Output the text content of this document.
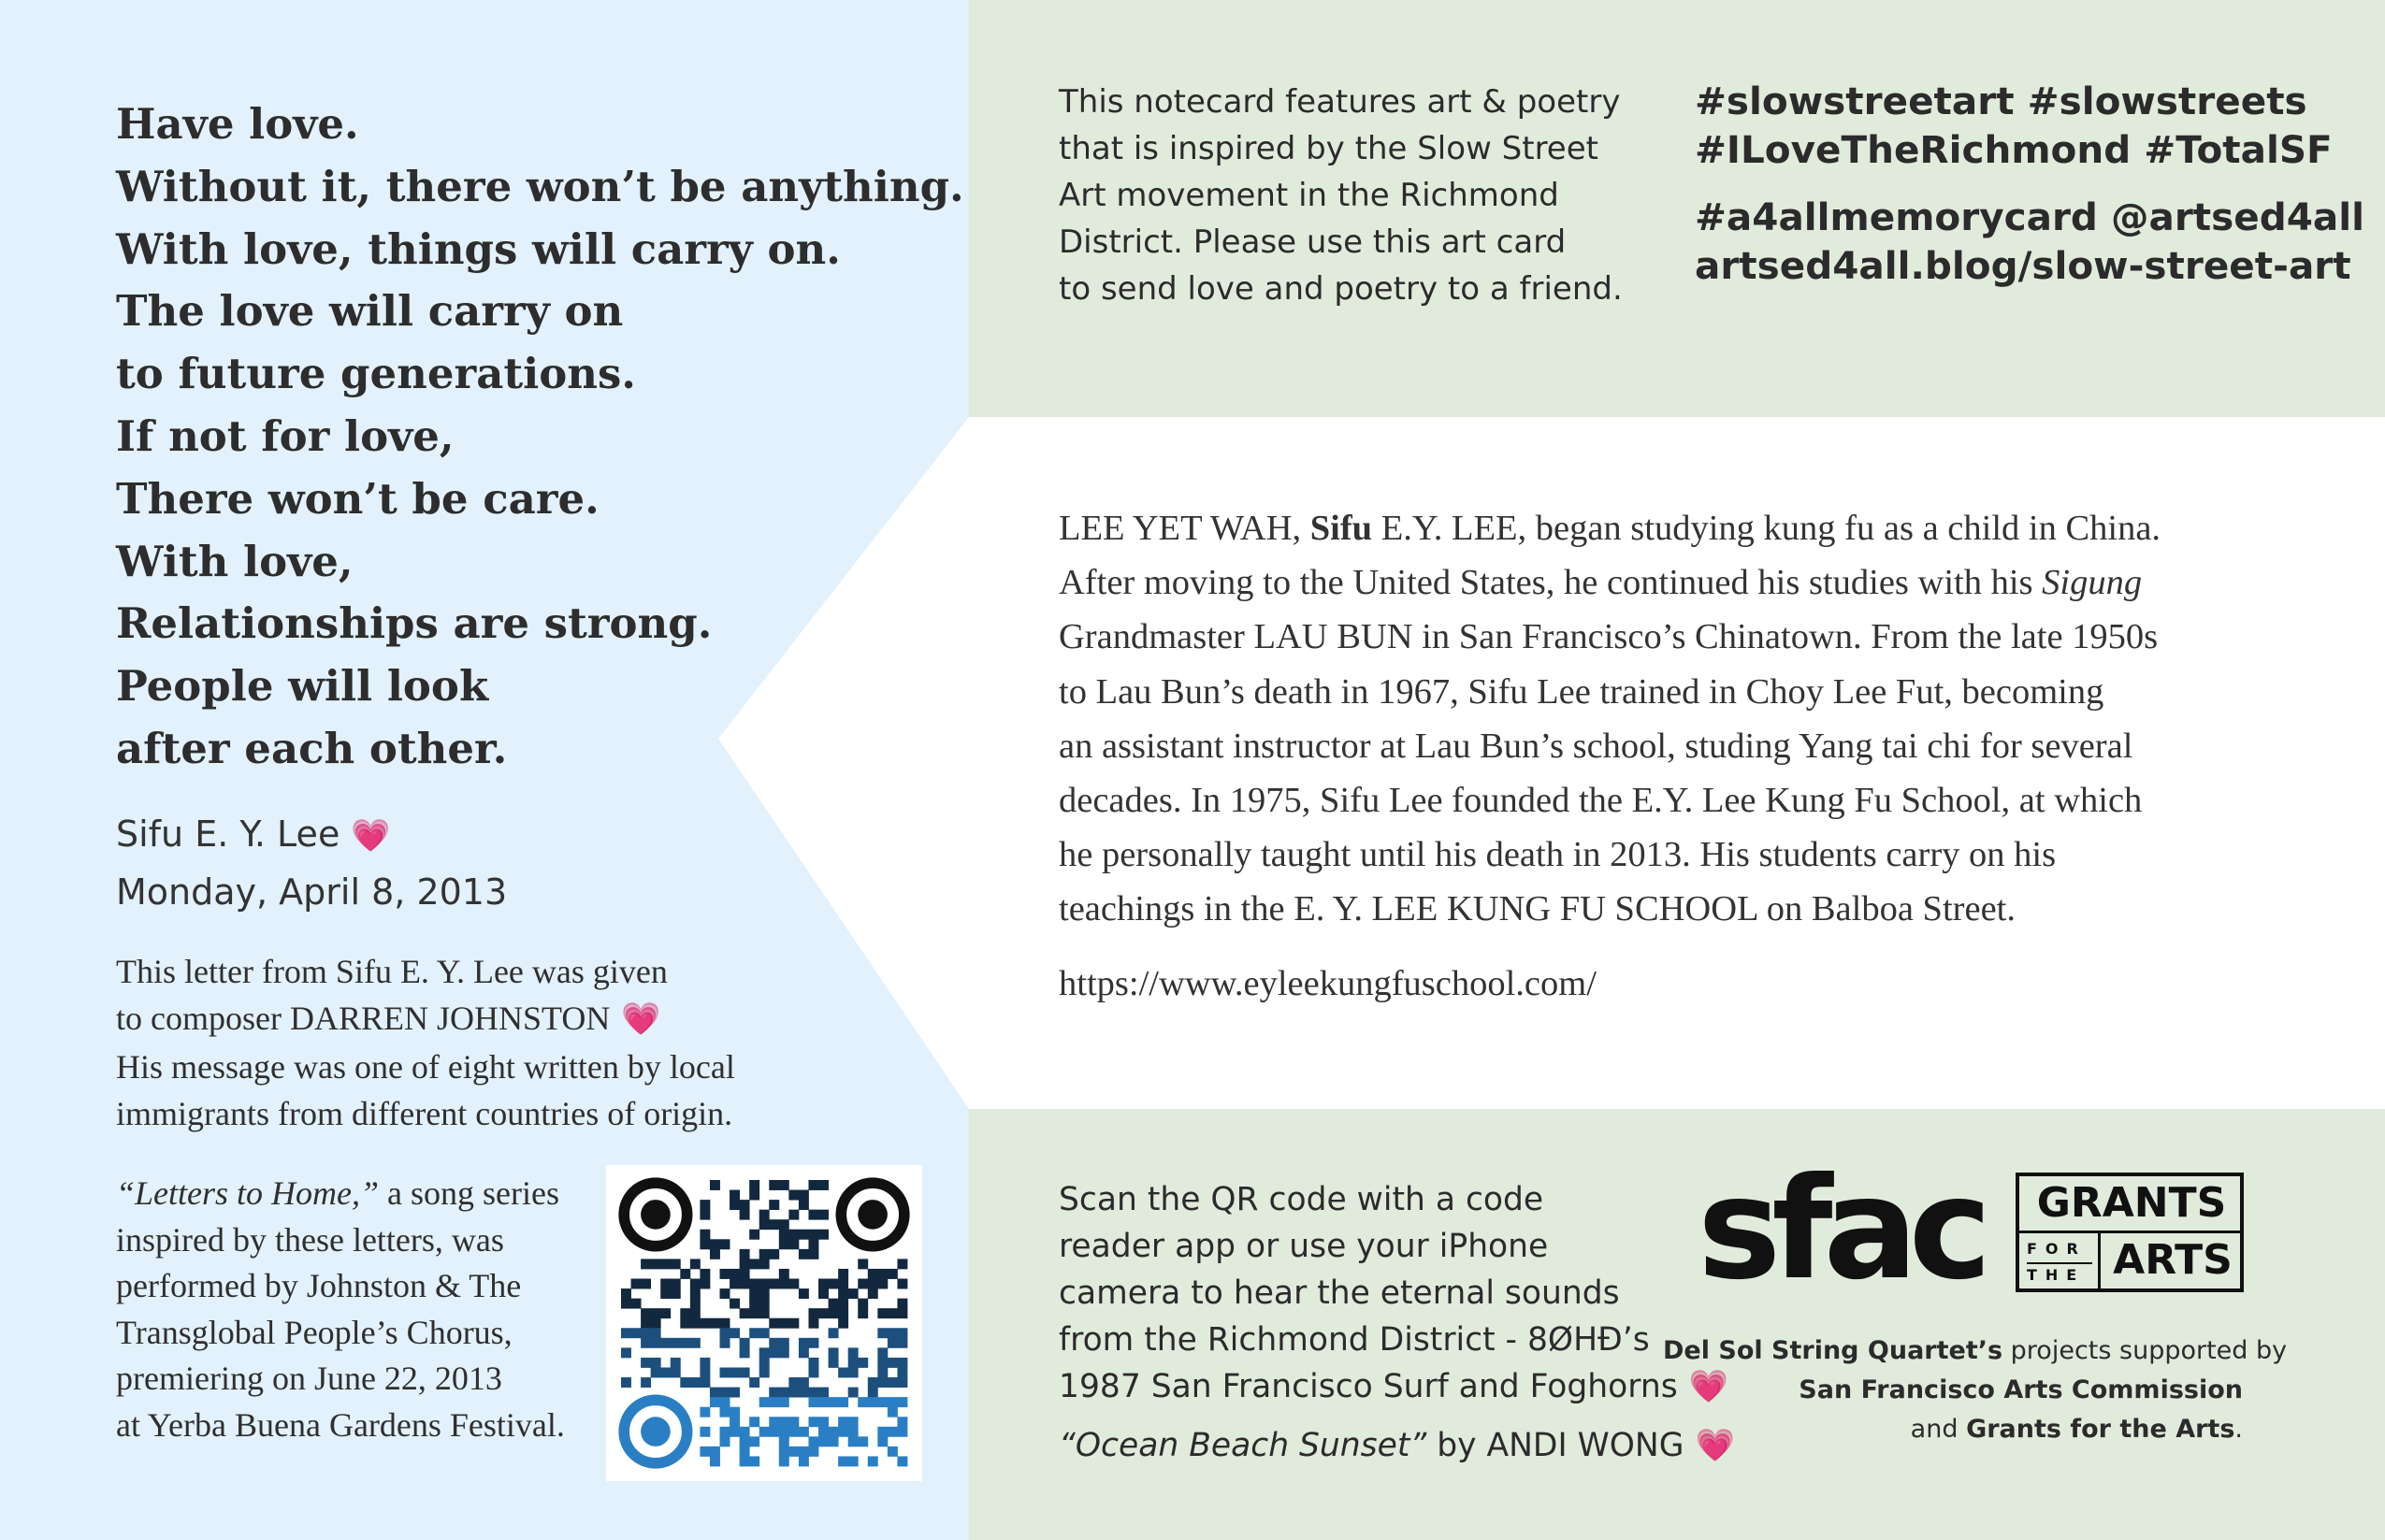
Have love.
Without it, there won’t be anything.
With love, things will carry on.
The love will carry on
to future generations.
If not for love,
There won’t be care.
With love,
Relationships are strong.
People will look
after each other.
Sifu E. Y. Lee 💗
Monday, April 8, 2013
This letter from Sifu E. Y. Lee was given
to composer DARREN JOHNSTON 💗
His message was one of eight written by local
immigrants from different countries of origin.
“Letters to Home,” a song series
inspired by these letters, was
performed by Johnston & The
Transglobal People’s Chorus,
premiering on June 22, 2013
at Yerba Buena Gardens Festival.
This notecard features art & poetry
that is inspired by the Slow Street
Art movement in the Richmond
District. Please use this art card
to send love and poetry to a friend.
#slowstreetart #slowstreets
#ILoveTheRichmond #TotalSF
#a4allmemorycard @artsed4all
artsed4all.blog/slow-street-art
LEE YET WAH, Sifu E.Y. LEE, began studying kung fu as a child in China.
After moving to the United States, he continued his studies with his Sigung
Grandmaster LAU BUN in San Francisco’s Chinatown. From the late 1950s
to Lau Bun’s death in 1967, Sifu Lee trained in Choy Lee Fut, becoming
an assistant instructor at Lau Bun’s school, studing Yang tai chi for several
decades. In 1975, Sifu Lee founded the E.Y. Lee Kung Fu School, at which
he personally taught until his death in 2013. His students carry on his
teachings in the E. Y. LEE KUNG FU SCHOOL on Balboa Street.
https://www.eyleekungfuschool.com/
Scan the QR code with a code
reader app or use your iPhone
camera to hear the eternal sounds
from the Richmond District - 8ØHĐ’s
1987 San Francisco Surf and Foghorns 💗
“Ocean Beach Sunset” by ANDI WONG 💗
sfac GRANTS
FOR
THE ARTS
Del Sol String Quartet’s projects supported by
San Francisco Arts Commission
and Grants for the Arts.
